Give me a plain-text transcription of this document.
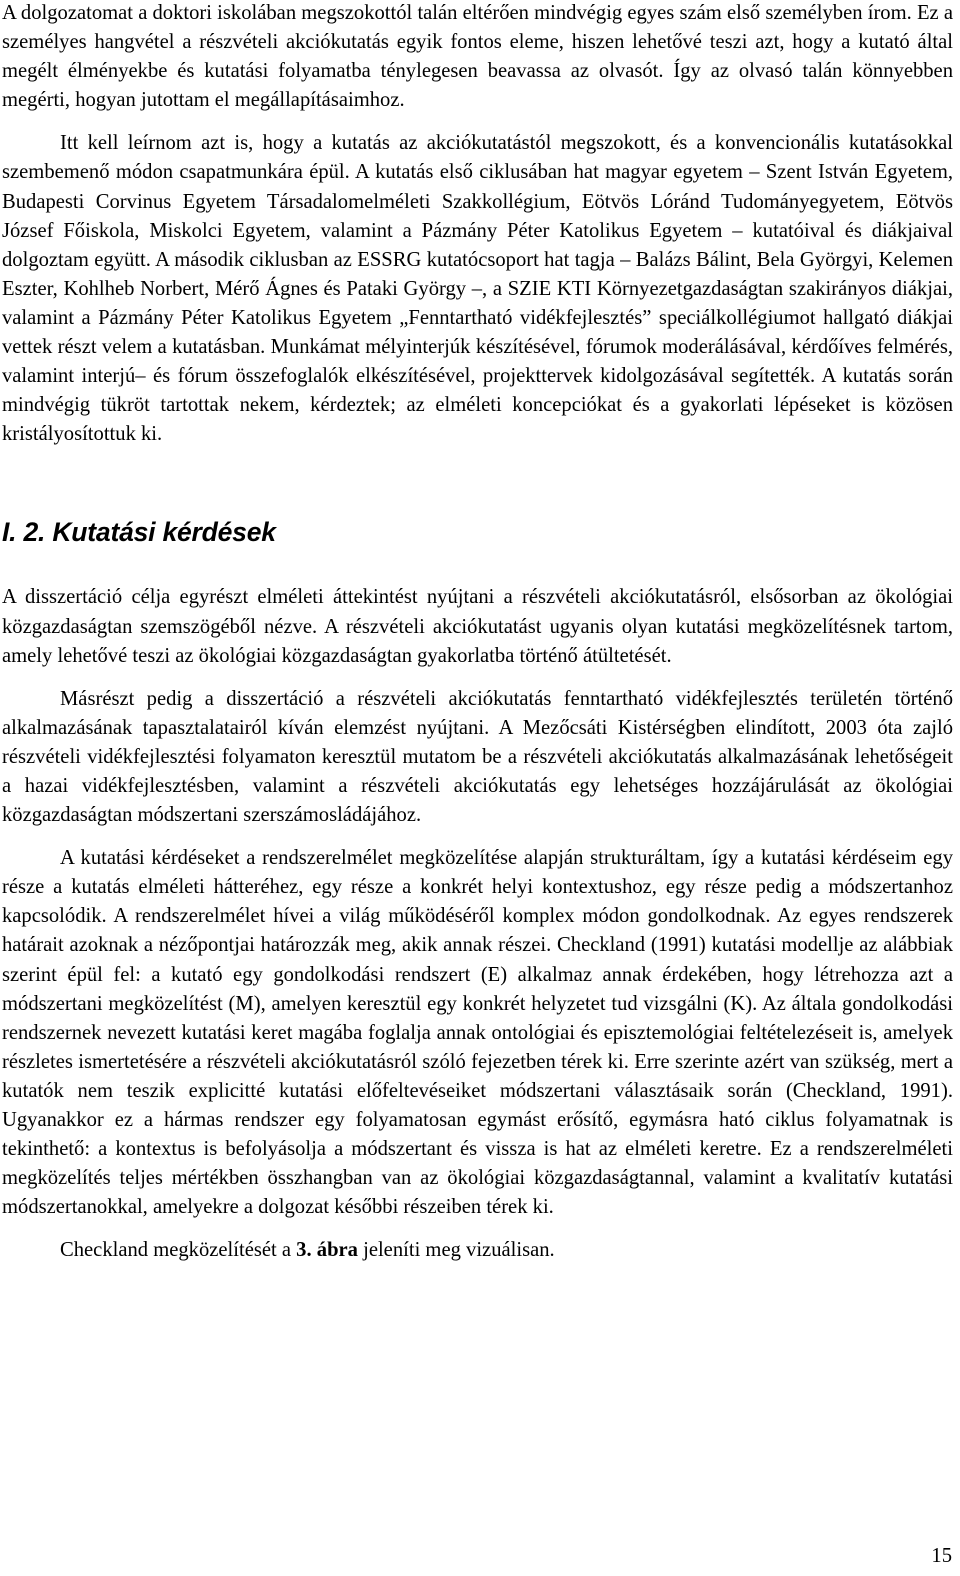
A dolgozatomat a doktori iskolában megszokottól talán eltérően mindvégig egyes szám első személyben írom. Ez a személyes hangvétel a részvételi akciókutatás egyik fontos eleme, hiszen lehetővé teszi azt, hogy a kutató által megélt élményekbe és kutatási folyamatba ténylegesen beavassa az olvasót. Így az olvasó talán könnyebben megérti, hogyan jutottam el megállapításaimhoz.

Itt kell leírnom azt is, hogy a kutatás az akciókutatástól megszokott, és a konvencionális kutatásokkal szembemenő módon csapatmunkára épül. A kutatás első ciklusában hat magyar egyetem – Szent István Egyetem, Budapesti Corvinus Egyetem Társadalomelméleti Szakkollégium, Eötvös Lóránd Tudományegyetem, Eötvös József Főiskola, Miskolci Egyetem, valamint a Pázmány Péter Katolikus Egyetem – kutatóival és diákjaival dolgoztam együtt. A második ciklusban az ESSRG kutatócsoport hat tagja – Balázs Bálint, Bela Györgyi, Kelemen Eszter, Kohlheb Norbert, Mérő Ágnes és Pataki György –, a SZIE KTI Környezetgazdaságtan szakirányos diákjai, valamint a Pázmány Péter Katolikus Egyetem „Fenntartható vidékfejlesztés” speciálkollégiumot hallgató diákjai vettek részt velem a kutatásban. Munkámat mélyinterjúk készítésével, fórumok moderálásával, kérdőíves felmérés, valamint interjú– és fórum összefoglalók elkészítésével, projekttervek kidolgozásával segítették. A kutatás során mindvégig tükröt tartottak nekem, kérdeztek; az elméleti koncepciókat és a gyakorlati lépéseket is közösen kristályosítottuk ki.

I. 2. Kutatási kérdések

A disszertáció célja egyrészt elméleti áttekintést nyújtani a részvételi akciókutatásról, elsősorban az ökológiai közgazdaságtan szemszögéből nézve. A részvételi akciókutatást ugyanis olyan kutatási megközelítésnek tartom, amely lehetővé teszi az ökológiai közgazdaságtan gyakorlatba történő átültetését.

Másrészt pedig a disszertáció a részvételi akciókutatás fenntartható vidékfejlesztés területén történő alkalmazásának tapasztalatairól kíván elemzést nyújtani. A Mezőcsáti Kistérségben elindított, 2003 óta zajló részvételi vidékfejlesztési folyamaton keresztül mutatom be a részvételi akciókutatás alkalmazásának lehetőségeit a hazai vidékfejlesztésben, valamint a részvételi akciókutatás egy lehetséges hozzájárulását az ökológiai közgazdaságtan módszertani szerszámosládájához.

A kutatási kérdéseket a rendszerelmélet megközelítése alapján strukturáltam, így a kutatási kérdéseim egy része a kutatás elméleti hátteréhez, egy része a konkrét helyi kontextushoz, egy része pedig a módszertanhoz kapcsolódik. A rendszerelmélet hívei a világ működéséről komplex módon gondolkodnak. Az egyes rendszerek határait azoknak a nézőpontjai határozzák meg, akik annak részei. Checkland (1991) kutatási modellje az alábbiak szerint épül fel: a kutató egy gondolkodási rendszert (E) alkalmaz annak érdekében, hogy létrehozza azt a módszertani megközelítést (M), amelyen keresztül egy konkrét helyzetet tud vizsgálni (K). Az általa gondolkodási rendszernek nevezett kutatási keret magába foglalja annak ontológiai és episztemológiai feltételezéseit is, amelyek részletes ismertetésére a részvételi akciókutatásról szóló fejezetben térek ki. Erre szerinte azért van szükség, mert a kutatók nem teszik explicitté kutatási előfeltevéseiket módszertani választásaik során (Checkland, 1991). Ugyanakkor ez a hármas rendszer egy folyamatosan egymást erősítő, egymásra ható ciklus folyamatnak is tekinthető: a kontextus is befolyásolja a módszertant és vissza is hat az elméleti keretre. Ez a rendszerelméleti megközelítés teljes mértékben összhangban van az ökológiai közgazdaságtannal, valamint a kvalitatív kutatási módszertanokkal, amelyekre a dolgozat későbbi részeiben térek ki.

Checkland megközelítését a 3. ábra jeleníti meg vizuálisan.

15
